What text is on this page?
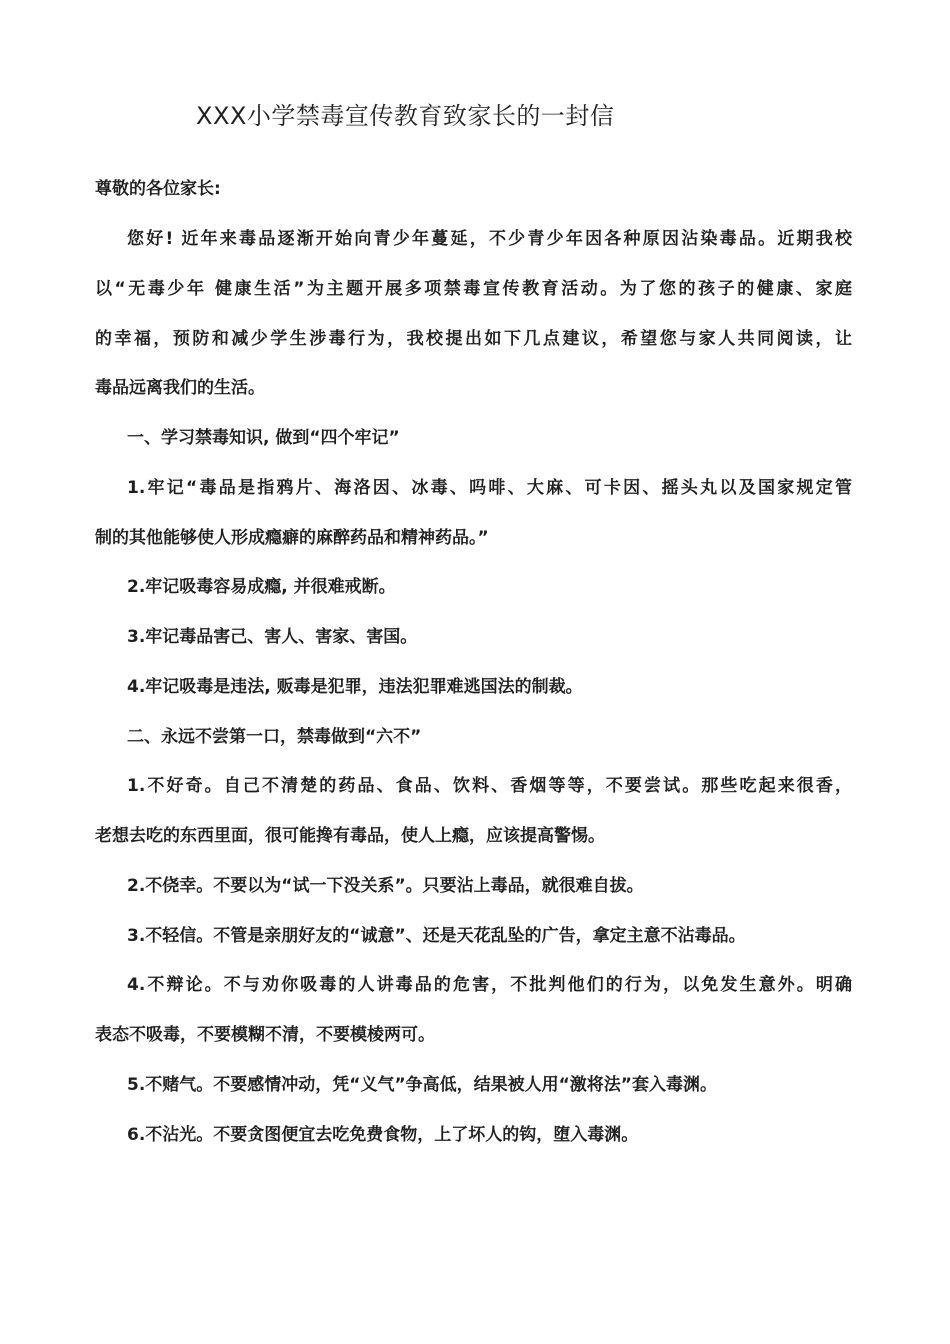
XXX小学禁毒宣传教育致家长的一封信

尊敬的各位家长:

您好! 近年来毒品逐渐开始向青少年蔓延，不少青少年因各种原因沾染毒品。近期我校

以“无毒少年 健康生活”为主题开展多项禁毒宣传教育活动。为了您的孩子的健康、家庭

的幸福，预防和减少学生涉毒行为，我校提出如下几点建议，希望您与家人共同阅读，让

毒品远离我们的生活。

一、学习禁毒知识, 做到“四个牢记”

1.牢记“毒品是指鸦片、海洛因、冰毒、吗啡、大麻、可卡因、摇头丸以及国家规定管

制的其他能够使人形成瘾癖的麻醉药品和精神药品。”

2.牢记吸毒容易成瘾, 并很难戒断。

3.牢记毒品害己、害人、害家、害国。

4.牢记吸毒是违法, 贩毒是犯罪，违法犯罪难逃国法的制裁。

二、永远不尝第一口，禁毒做到“六不”

1.不好奇。自己不清楚的药品、食品、饮料、香烟等等，不要尝试。那些吃起来很香，

老想去吃的东西里面，很可能搀有毒品，使人上瘾，应该提高警惕。

2.不侥幸。不要以为“试一下没关系”。只要沾上毒品，就很难自拔。

3.不轻信。不管是亲朋好友的“诚意”、还是天花乱坠的广告，拿定主意不沾毒品。

4.不辩论。不与劝你吸毒的人讲毒品的危害，不批判他们的行为，以免发生意外。明确

表态不吸毒，不要模糊不清，不要模棱两可。

5.不赌气。不要感情冲动，凭“义气”争高低，结果被人用“激将法”套入毒渊。

6.不沾光。不要贪图便宜去吃免费食物，上了坏人的钩，堕入毒渊。
